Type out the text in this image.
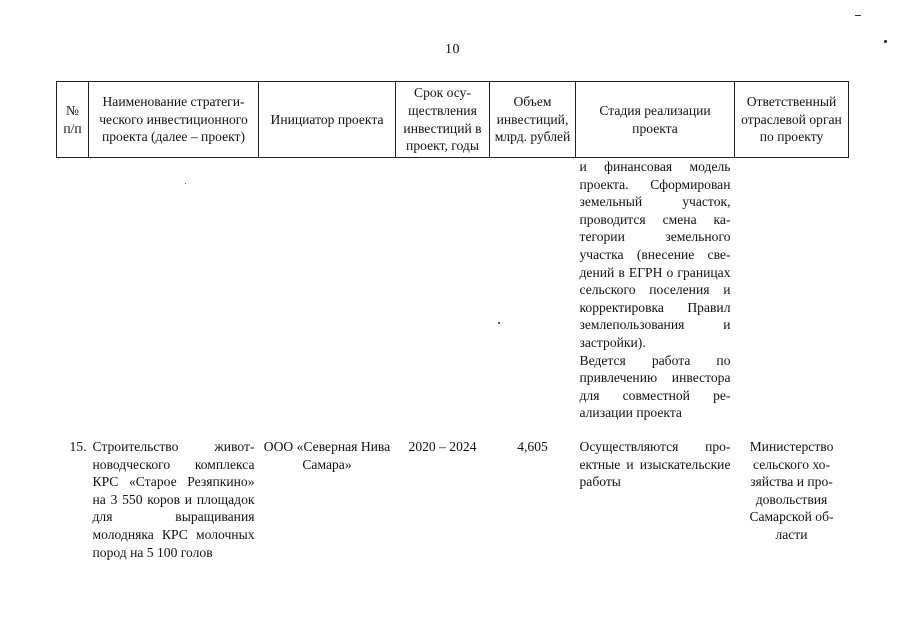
10
№ п/п	Наименование стратегического инвестиционного проекта (далее – проект)	Инициатор проекта	Срок осуществления инвестиций в проект, годы	Объем инвестиций, млрд. рублей	Стадия реализации проекта	Ответственный отраслевой орган по проекту

					и финансовая модель проекта. Сформирован земельный участок, проводится смена категории земельного участка (внесение сведений в ЕГРН о границах сельского поселения и корректировка Правил землепользования и застройки).
Ведется работа по привлечению инвестора для совместной реализации проекта	

15.	Строительство животноводческого комплекса КРС «Старое Резяпкино» на 3 550 коров и площадок для выращивания молодняка КРС молочных пород на 5 100 голов	ООО «Северная Нива Самара»	2020 – 2024	4,605	Осуществляются проектные и изыскательские работы	Министерство сельского хозяйства и продовольствия Самарской области
